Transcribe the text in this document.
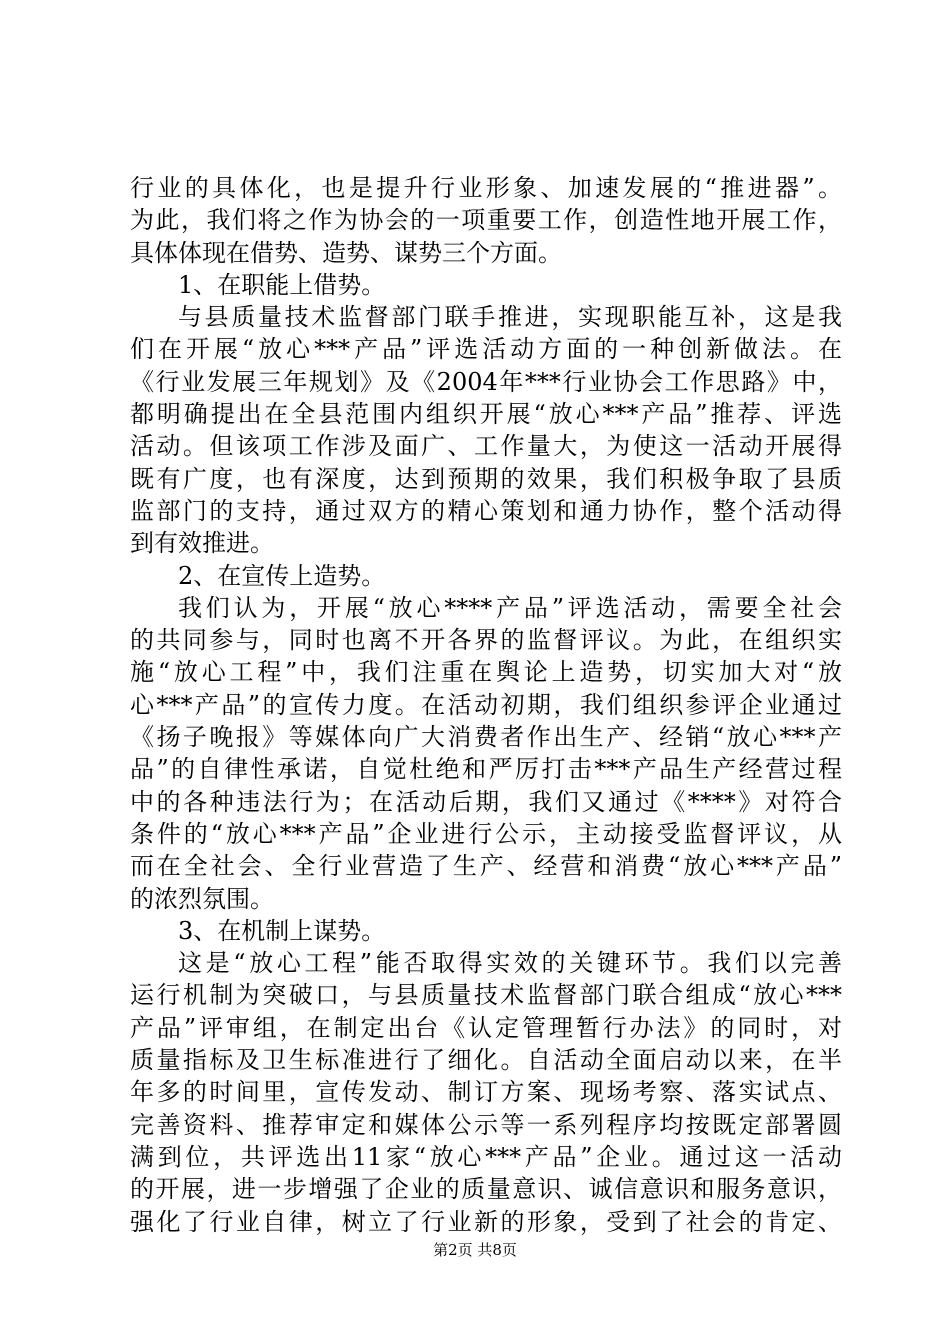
行业的具体化，也是提升行业形象、加速发展的“推进器”。
为此，我们将之作为协会的一项重要工作，创造性地开展工作，
具体体现在借势、造势、谋势三个方面。
1、在职能上借势。
与县质量技术监督部门联手推进，实现职能互补，这是我
们在开展“放心***产品”评选活动方面的一种创新做法。在
《行业发展三年规划》及《2004年***行业协会工作思路》中，
都明确提出在全县范围内组织开展“放心***产品”推荐、评选
活动。但该项工作涉及面广、工作量大，为使这一活动开展得
既有广度，也有深度，达到预期的效果，我们积极争取了县质
监部门的支持，通过双方的精心策划和通力协作，整个活动得
到有效推进。
2、在宣传上造势。
我们认为，开展“放心****产品”评选活动，需要全社会
的共同参与，同时也离不开各界的监督评议。为此，在组织实
施“放心工程”中，我们注重在舆论上造势，切实加大对“放
心***产品”的宣传力度。在活动初期，我们组织参评企业通过
《扬子晚报》等媒体向广大消费者作出生产、经销“放心***产
品”的自律性承诺，自觉杜绝和严厉打击***产品生产经营过程
中的各种违法行为；在活动后期，我们又通过《****》对符合
条件的“放心***产品”企业进行公示，主动接受监督评议，从
而在全社会、全行业营造了生产、经营和消费“放心***产品”
的浓烈氛围。
3、在机制上谋势。
这是“放心工程”能否取得实效的关键环节。我们以完善
运行机制为突破口，与县质量技术监督部门联合组成“放心***
产品”评审组，在制定出台《认定管理暂行办法》的同时，对
质量指标及卫生标准进行了细化。自活动全面启动以来，在半
年多的时间里，宣传发动、制订方案、现场考察、落实试点、
完善资料、推荐审定和媒体公示等一系列程序均按既定部署圆
满到位，共评选出11家“放心***产品”企业。通过这一活动
的开展，进一步增强了企业的质量意识、诚信意识和服务意识，
强化了行业自律，树立了行业新的形象，受到了社会的肯定、
第2页 共8页
